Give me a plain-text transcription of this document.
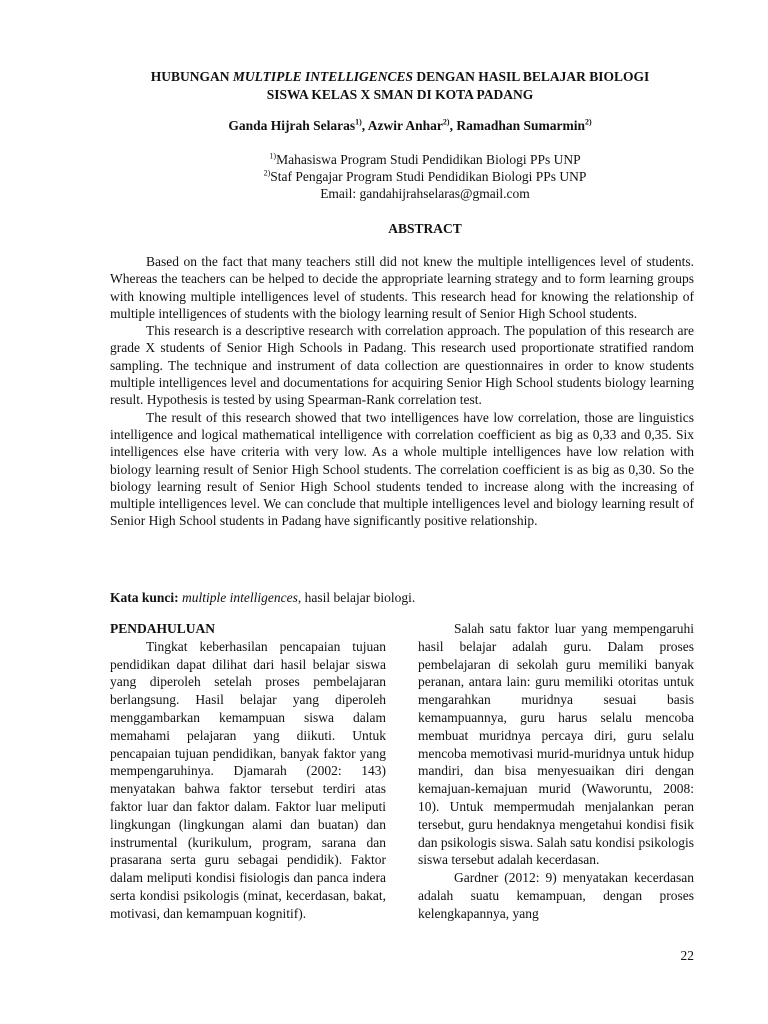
HUBUNGAN MULTIPLE INTELLIGENCES DENGAN HASIL BELAJAR BIOLOGI
SISWA KELAS X SMAN DI KOTA PADANG
Ganda Hijrah Selaras$^{1)}$, Azwir Anhar$^{2)}$, Ramadhan Sumarmin$^{2)}$
$^{1)}$Mahasiswa Program Studi Pendidikan Biologi PPs UNP
$^{2)}$Staf Pengajar Program Studi Pendidikan Biologi PPs UNP
Email: gandahijrahselaras@gmail.com
ABSTRACT

Based on the fact that many teachers still did not knew the multiple intelligences level of students. Whereas the teachers can be helped to decide the appropriate learning strategy and to form learning groups with knowing multiple intelligences level of students. This research head for knowing the relationship of multiple intelligences of students with the biology learning result of Senior High School students.

This research is a descriptive research with correlation approach. The population of this research are grade X students of Senior High Schools in Padang. This research used proportionate stratified random sampling. The technique and instrument of data collection are questionnaires in order to know students multiple intelligences level and documentations for acquiring Senior High School students biology learning result. Hypothesis is tested by using Spearman-Rank correlation test.

The result of this research showed that two intelligences have low correlation, those are linguistics intelligence and logical mathematical intelligence with correlation coefficient as big as 0,33 and 0,35. Six intelligences else have criteria with very low. As a whole multiple intelligences have low relation with biology learning result of Senior High School students. The correlation coefficient is as big as 0,30. So the biology learning result of Senior High School students tended to increase along with the increasing of multiple intelligences level. We can conclude that multiple intelligences level and biology learning result of Senior High School students in Padang have significantly positive relationship.

Kata kunci: multiple intelligences, hasil belajar biologi.
PENDAHULUAN

Tingkat keberhasilan pencapaian tujuan pendidikan dapat dilihat dari hasil belajar siswa yang diperoleh setelah proses pembelajaran berlangsung. Hasil belajar yang diperoleh menggambarkan kemampuan siswa dalam memahami pelajaran yang diikuti. Untuk pencapaian tujuan pendidikan, banyak faktor yang mempengaruhinya. Djamarah (2002: 143) menyatakan bahwa faktor tersebut terdiri atas faktor luar dan faktor dalam. Faktor luar meliputi lingkungan (lingkungan alami dan buatan) dan instrumental (kurikulum, program, sarana dan prasarana serta guru sebagai pendidik). Faktor dalam meliputi kondisi fisiologis dan panca indera serta kondisi psikologis (minat, kecerdasan, bakat, motivasi, dan kemampuan kognitif).

Salah satu faktor luar yang mempengaruhi hasil belajar adalah guru. Dalam proses pembelajaran di sekolah guru memiliki banyak peranan, antara lain: guru memiliki otoritas untuk mengarahkan muridnya sesuai basis kemampuannya, guru harus selalu mencoba membuat muridnya percaya diri, guru selalu mencoba memotivasi murid-muridnya untuk hidup mandiri, dan bisa menyesuaikan diri dengan kemajuan-kemajuan murid (Waworuntu, 2008: 10). Untuk mempermudah menjalankan peran tersebut, guru hendaknya mengetahui kondisi fisik dan psikologis siswa. Salah satu kondisi psikologis siswa tersebut adalah kecerdasan.

Gardner (2012: 9) menyatakan kecerdasan adalah suatu kemampuan, dengan proses kelengkapannya, yang

22
